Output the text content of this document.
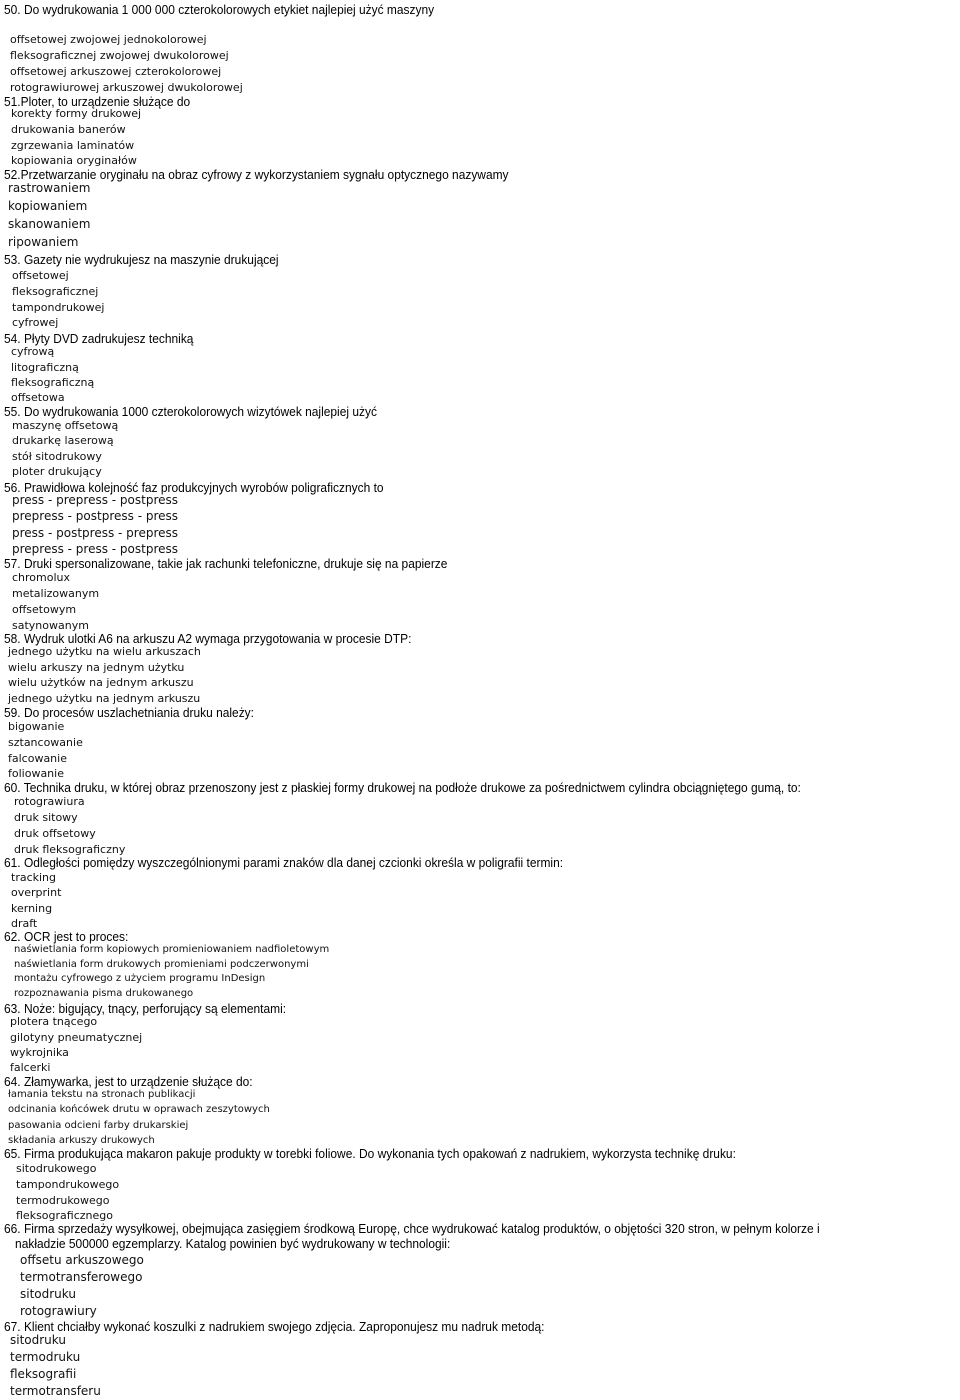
50. Do wydrukowania 1 000 000 czterokolorowych etykiet najlepiej użyć maszyny
offsetowej zwojowej jednokolorowej
fleksograficznej zwojowej dwukolorowej
offsetowej arkuszowej czterokolorowej
rotograwiurowej arkuszowej dwukolorowej
51.Ploter, to urządzenie służące do
korekty formy drukowej
drukowania banerów
zgrzewania laminatów
kopiowania oryginałów
52.Przetwarzanie oryginału na obraz cyfrowy z wykorzystaniem sygnału optycznego nazywamy
rastrowaniem
kopiowaniem
skanowaniem
ripowaniem
53. Gazety nie wydrukujesz na maszynie drukującej
offsetowej
fleksograficznej
tampondrukowej
cyfrowej
54. Płyty DVD zadrukujesz techniką
cyfrową
litograficzną
fleksograficzną
offsetowa
55. Do wydrukowania 1000 czterokolorowych wizytówek najlepiej użyć
maszynę offsetową
drukarkę laserową
stół sitodrukowy
ploter drukujący
56. Prawidłowa kolejność faz produkcyjnych wyrobów poligraficznych to
press - prepress - postpress
prepress - postpress - press
press - postpress - prepress
prepress - press - postpress
57. Druki spersonalizowane, takie jak rachunki telefoniczne, drukuje się na papierze
chromolux
metalizowanym
offsetowym
satynowanym
58. Wydruk ulotki A6 na arkuszu A2 wymaga przygotowania w procesie DTP:
jednego użytku na wielu arkuszach
wielu arkuszy na jednym użytku
wielu użytków na jednym arkuszu
jednego użytku na jednym arkuszu
59. Do procesów uszlachetniania druku należy:
bigowanie
sztancowanie
falcowanie
foliowanie
60. Technika druku, w której obraz przenoszony jest z płaskiej formy drukowej na podłoże drukowe za pośrednictwem cylindra obciągniętego gumą, to:
rotograwiura
druk sitowy
druk offsetowy
druk fleksograficzny
61. Odległości pomiędzy wyszczególnionymi parami znaków dla danej czcionki określa w poligrafii termin:
tracking
overprint
kerning
draft
62. OCR jest to proces:
naświetlania form kopiowych promieniowaniem nadfioletowym
naświetlania form drukowych promieniami podczerwonymi
montażu cyfrowego z użyciem programu InDesign
rozpoznawania pisma drukowanego
63. Noże: bigujący, tnący, perforujący są elementami:
plotera tnącego
gilotyny pneumatycznej
wykrojnika
falcerki
64. Złamywarka, jest to urządzenie służące do:
łamania tekstu na stronach publikacji
odcinania końcówek drutu w oprawach zeszytowych
pasowania odcieni farby drukarskiej
składania arkuszy drukowych
65. Firma produkująca makaron pakuje produkty w torebki foliowe. Do wykonania tych opakowań z nadrukiem, wykorzysta technikę druku:
sitodrukowego
tampondrukowego
termodrukowego
fleksograficznego
66. Firma sprzedaży wysyłkowej, obejmująca zasięgiem środkową Europę, chce wydrukować katalog produktów, o objętości 320 stron, w pełnym kolorze i
nakładzie 500000 egzemplarzy. Katalog powinien być wydrukowany w technologii:
offsetu arkuszowego
termotransferowego
sitodruku
rotograwiury
67. Klient chciałby wykonać koszulki z nadrukiem swojego zdjęcia. Zaproponujesz mu nadruk metodą:
sitodruku
termodruku
fleksografii
termotransferu
